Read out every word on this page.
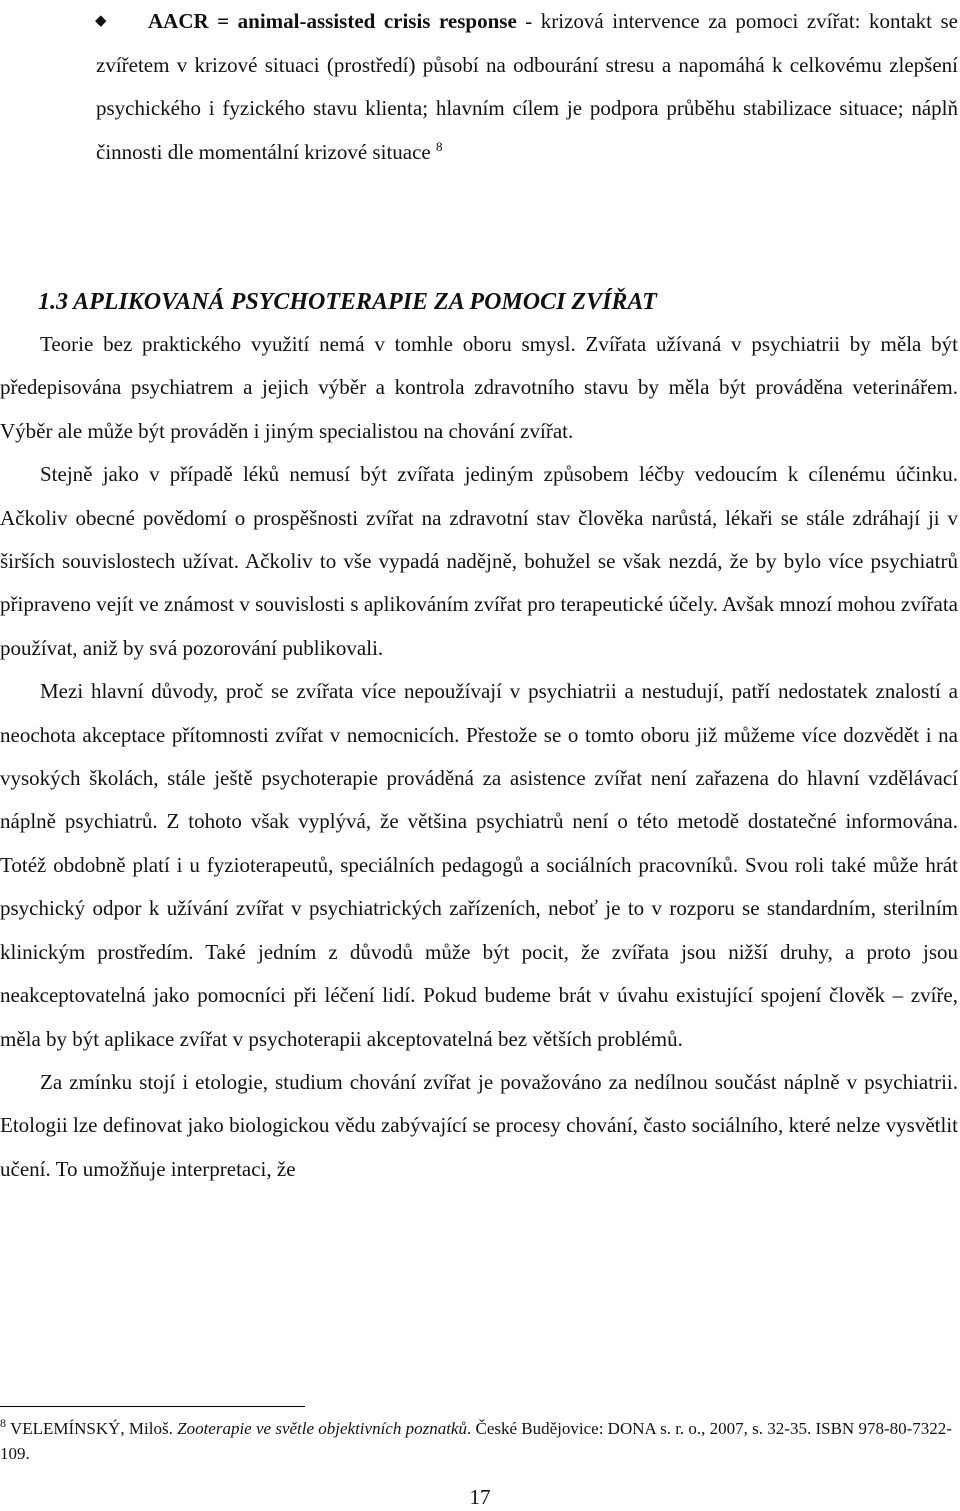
◆	AACR = animal-assisted crisis response - krizová intervence za pomoci zvířat: kontakt se zvířetem v krizové situaci (prostředí) působí na odbourání stresu a napomáhá k celkovému zlepšení psychického i fyzického stavu klienta; hlavním cílem je podpora průběhu stabilizace situace; náplň činnosti dle momentální krizové situace $^8$
1.3 APLIKOVANÁ PSYCHOTERAPIE ZA POMOCI ZVÍŘAT

Teorie bez praktického využití nemá v tomhle oboru smysl. Zvířata užívaná v psychiatrii by měla být předepisována psychiatrem a jejich výběr a kontrola zdravotního stavu by měla být prováděna veterinářem. Výběr ale může být prováděn i jiným specialistou na chování zvířat.

Stejně jako v případě léků nemusí být zvířata jediným způsobem léčby vedoucím k cílenému účinku. Ačkoliv obecné povědomí o prospěšnosti zvířat na zdravotní stav člověka narůstá, lékaři se stále zdráhají ji v širších souvislostech užívat. Ačkoliv to vše vypadá nadějně, bohužel se však nezdá, že by bylo více psychiatrů připraveno vejít ve známost v souvislosti s aplikováním zvířat pro terapeutické účely. Avšak mnozí mohou zvířata používat, aniž by svá pozorování publikovali.

Mezi hlavní důvody, proč se zvířata více nepoužívají v psychiatrii a nestudují, patří nedostatek znalostí a neochota akceptace přítomnosti zvířat v nemocnicích. Přestože se o tomto oboru již můžeme více dozvědět i na vysokých školách, stále ještě psychoterapie prováděná za asistence zvířat není zařazena do hlavní vzdělávací náplně psychiatrů. Z tohoto však vyplývá, že většina psychiatrů není o této metodě dostatečné informována. Totéž obdobně platí i u fyzioterapeutů, speciálních pedagogů a sociálních pracovníků. Svou roli také může hrát psychický odpor k užívání zvířat v psychiatrických zařízeních, neboť je to v rozporu se standardním, sterilním klinickým prostředím. Také jedním z důvodů může být pocit, že zvířata jsou nižší druhy, a proto jsou neakceptovatelná jako pomocníci při léčení lidí. Pokud budeme brát v úvahu existující spojení člověk – zvíře, měla by být aplikace zvířat v psychoterapii akceptovatelná bez větších problémů.

Za zmínku stojí i etologie, studium chování zvířat je považováno za nedílnou součást náplně v psychiatrii. Etologii lze definovat jako biologickou vědu zabývající se procesy chování, často sociálního, které nelze vysvětlit učení. To umožňuje interpretaci, že

$^8$ VELEMÍNSKÝ, Miloš. Zooterapie ve světle objektivních poznatků. České Budějovice: DONA s. r. o., 2007, s. 32-35. ISBN 978-80-7322-109.
17
